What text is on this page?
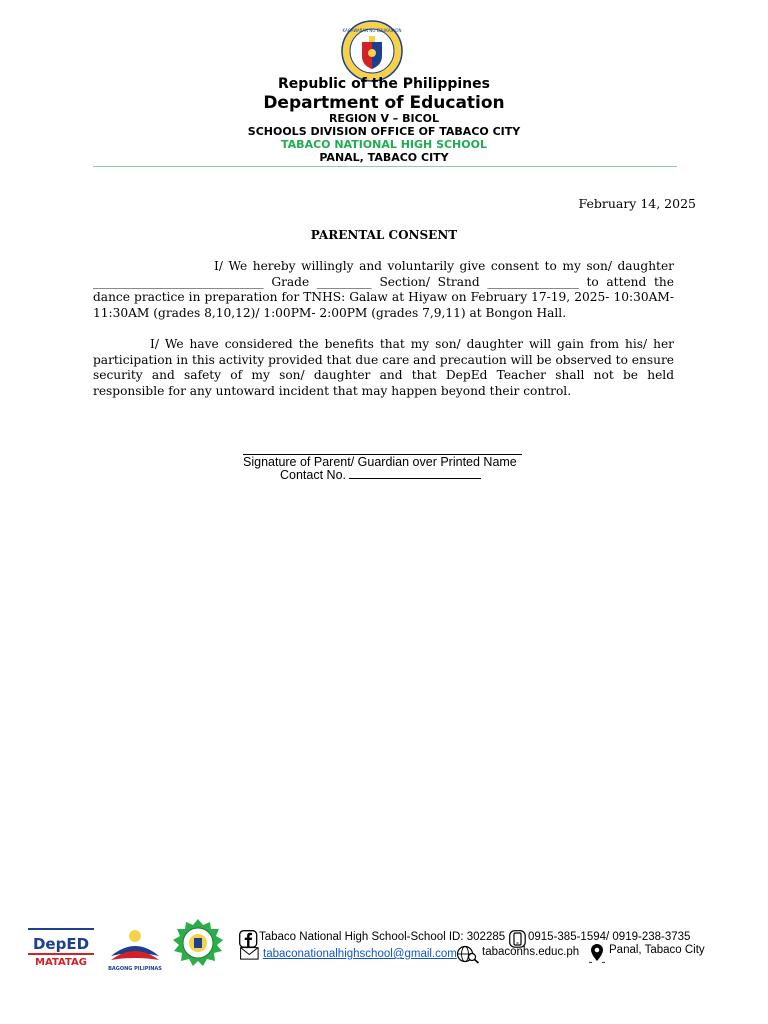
KAGAWARAN NG EDUKASYON
Republic of the Philippines
Department of Education
REGION V – BICOL
SCHOOLS DIVISION OFFICE OF TABACO CITY
TABACO NATIONAL HIGH SCHOOL
PANAL, TABACO CITY
February 14, 2025
PARENTAL CONSENT

I/ We hereby willingly and voluntarily give consent to my son/ daughter ____________________________ Grade _________ Section/ Strand _______________ to attend the dance practice in preparation for TNHS: Galaw at Hiyaw on February 17-19, 2025- 10:30AM- 11:30AM (grades 8,10,12)/ 1:00PM- 2:00PM (grades 7,9,11) at Bongon Hall.

I/ We have considered the benefits that my son/ daughter will gain from his/ her participation in this activity provided that due care and precaution will be observed to ensure security and safety of my son/ daughter and that DepEd Teacher shall not be held responsible for any untoward incident that may happen beyond their control.

Signature of Parent/ Guardian over Printed Name
Contact No.
DepED
MATATAG
BAGONG PILIPINAS
Tabaco National High School-School ID: 302285
tabaconationalhighschool@gmail.com
0915-385-1594/ 0919-238-3735
tabaconhs.educ.ph	Panal, Tabaco City
